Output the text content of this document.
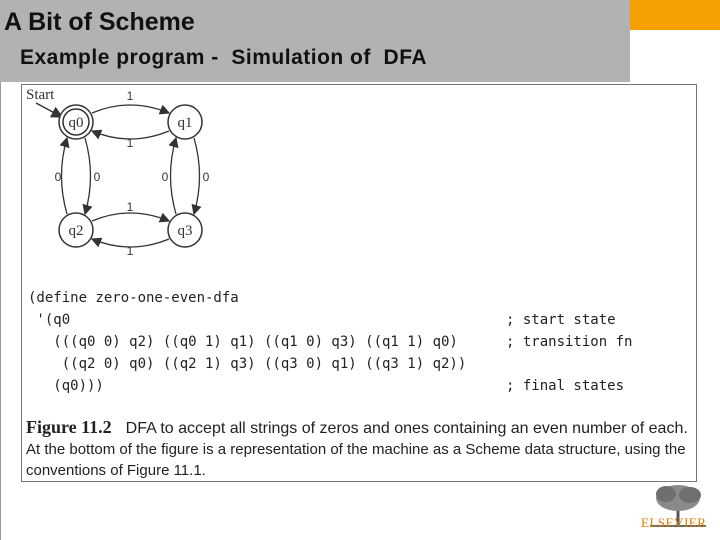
A Bit of Scheme
Example program -  Simulation of  DFA
Start
q0	q1
q2	q3
1
1
1
1
0	0	0	0
(define zero-one-even-dfa
'(q0
(((q0 0) q2) ((q0 1) q1) ((q1 0) q3) ((q1 1) q0)
((q2 0) q0) ((q2 1) q3) ((q3 0) q1) ((q3 1) q2))
(q0)))
; start state
; transition fn
; final states
Figure 11.2 DFA to accept all strings of zeros and ones containing an even number of each.
At the bottom of the figure is a representation of the machine as a Scheme data structure, using the conventions of Figure 11.1.
ELSEVIER
